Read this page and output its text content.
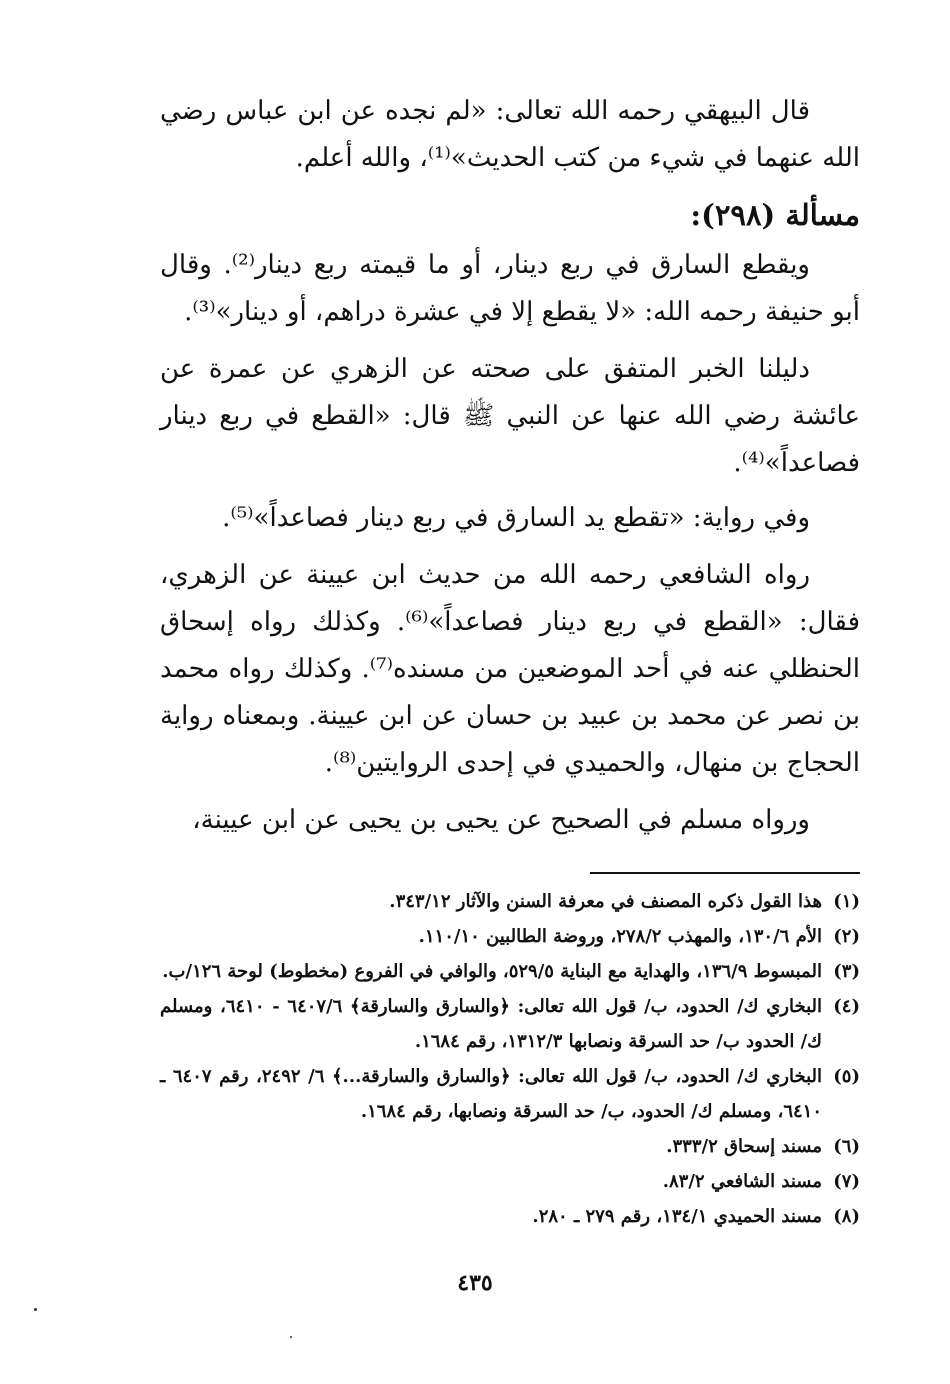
قال البيهقي رحمه الله تعالى: «لم نجده عن ابن عباس رضي الله عنهما في شيء من كتب الحديث»⁽¹⁾، والله أعلم.

مسألة (٢٩٨):

ويقطع السارق في ربع دينار، أو ما قيمته ربع دينار⁽²⁾. وقال أبو حنيفة رحمه الله: «لا يقطع إلا في عشرة دراهم، أو دينار»⁽³⁾.

دليلنا الخبر المتفق على صحته عن الزهري عن عمرة عن عائشة رضي الله عنها عن النبي ﷺ قال: «القطع في ربع دينار فصاعداً»⁽⁴⁾.

وفي رواية: «تقطع يد السارق في ربع دينار فصاعداً»⁽⁵⁾.

رواه الشافعي رحمه الله من حديث ابن عيينة عن الزهري، فقال: «القطع في ربع دينار فصاعداً»⁽⁶⁾. وكذلك رواه إسحاق الحنظلي عنه في أحد الموضعين من مسنده⁽⁷⁾. وكذلك رواه محمد بن نصر عن محمد بن عبيد بن حسان عن ابن عيينة. وبمعناه رواية الحجاج بن منهال، والحميدي في إحدى الروايتين⁽⁸⁾.

ورواه مسلم في الصحيح عن يحيى بن يحيى عن ابن عيينة،

(١)
هذا القول ذكره المصنف في معرفة السنن والآثار ٣٤٣/١٢.
(٢)
الأم ١٣٠/٦، والمهذب ٢٧٨/٢، وروضة الطالبين ١١٠/١٠.
(٣)
المبسوط ١٣٦/٩، والهداية مع البناية ٥٢٩/٥، والوافي في الفروع (مخطوط) لوحة ١٢٦/ب.
(٤)
البخاري ك/ الحدود، ب/ قول الله تعالى: ﴿والسارق والسارقة﴾ ٦٤٠٧/٦ - ٦٤١٠، ومسلم ك/ الحدود ب/ حد السرقة ونصابها ١٣١٢/٣، رقم ١٦٨٤.
(٥)
البخاري ك/ الحدود، ب/ قول الله تعالى: ﴿والسارق والسارقة...﴾ ٦/ ٢٤٩٢، رقم ٦٤٠٧ ـ ٦٤١٠، ومسلم ك/ الحدود، ب/ حد السرقة ونصابها، رقم ١٦٨٤.
(٦)
مسند إسحاق ٣٣٣/٢.
(٧)
مسند الشافعي ٨٣/٢.
(٨)
مسند الحميدي ١٣٤/١، رقم ٢٧٩ ـ ٢٨٠.
٤٣٥
